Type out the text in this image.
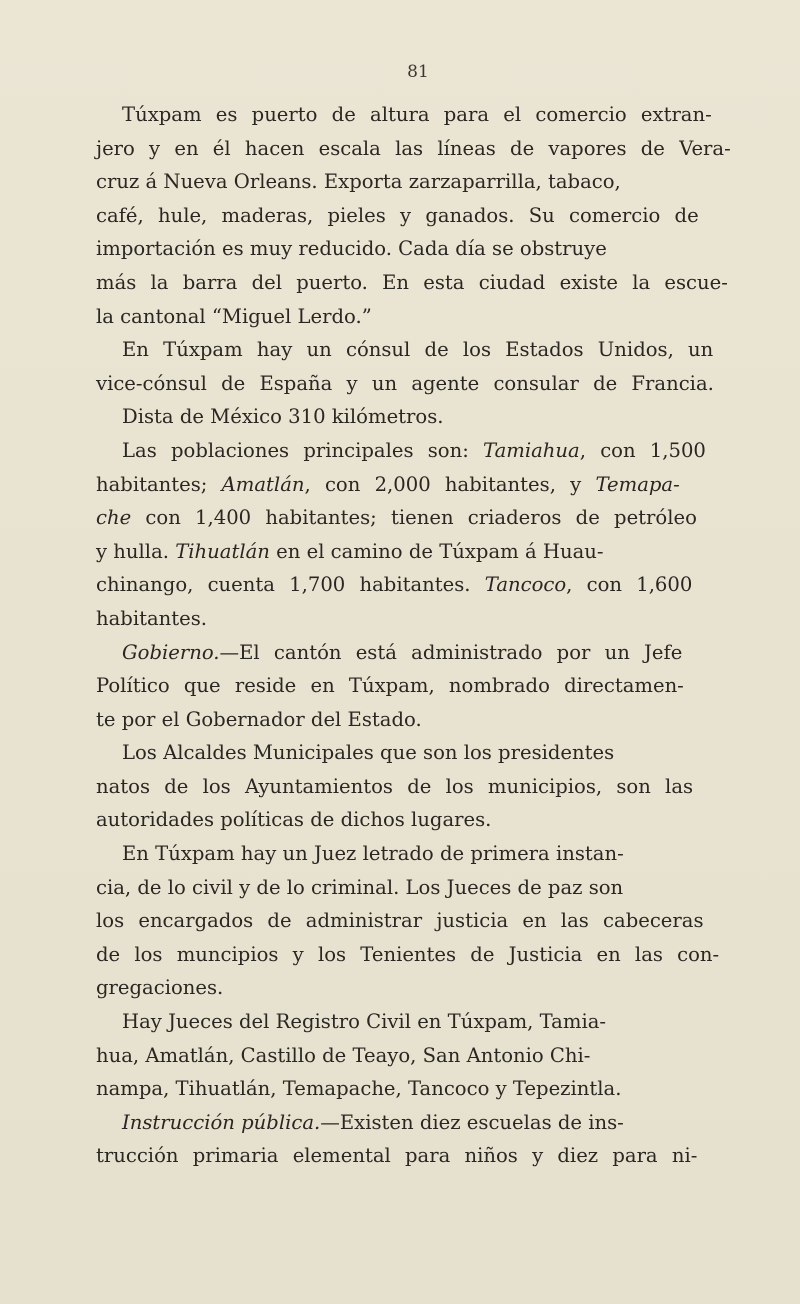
81
Túxpam es puerto de altura para el comercio extran-
jero y en él hacen escala las líneas de vapores de Vera-
cruz á Nueva Orleans. Exporta zarzaparrilla, tabaco,
café, hule, maderas, pieles y ganados. Su comercio de
importación es muy reducido. Cada día se obstruye
más la barra del puerto. En esta ciudad existe la escue-
la cantonal “Miguel Lerdo.”
En Túxpam hay un cónsul de los Estados Unidos, un
vice-cónsul de España y un agente consular de Francia.
Dista de México 310 kilómetros.
Las poblaciones principales son: Tamiahua, con 1,500
habitantes; Amatlán, con 2,000 habitantes, y Temapa-
che con 1,400 habitantes; tienen criaderos de petróleo
y hulla. Tihuatlán en el camino de Túxpam á Huau-
chinango, cuenta 1,700 habitantes. Tancoco, con 1,600
habitantes.
Gobierno.—El cantón está administrado por un Jefe
Político que reside en Túxpam, nombrado directamen-
te por el Gobernador del Estado.
Los Alcaldes Municipales que son los presidentes
natos de los Ayuntamientos de los municipios, son las
autoridades políticas de dichos lugares.
En Túxpam hay un Juez letrado de primera instan-
cia, de lo civil y de lo criminal. Los Jueces de paz son
los encargados de administrar justicia en las cabeceras
de los muncipios y los Tenientes de Justicia en las con-
gregaciones.
Hay Jueces del Registro Civil en Túxpam, Tamia-
hua, Amatlán, Castillo de Teayo, San Antonio Chi-
nampa, Tihuatlán, Temapache, Tancoco y Tepezintla.
Instrucción pública.—Existen diez escuelas de ins-
trucción primaria elemental para niños y diez para ni-
